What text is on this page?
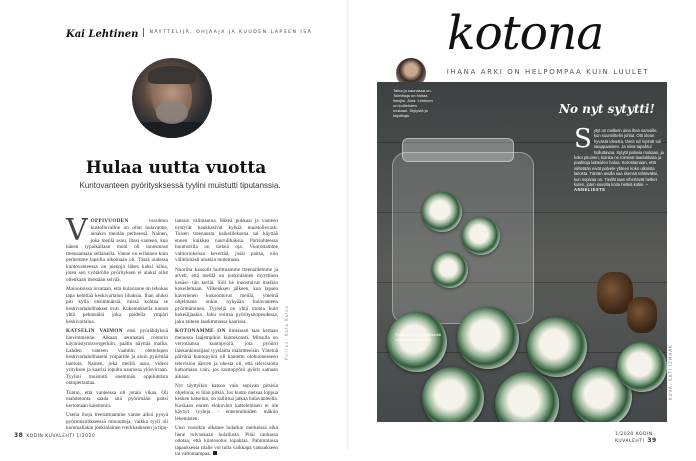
Kai Lehtinen NÄYTTELIJÄ, OHJAAJA JA KUUDEN LAPSEN ISÄ
Hulaa uutta vuotta
Kuntovanteen pyöritysksessä tyylini muistutti tiputanssia.

VOPPIVUODEN	vaxuhtun kustolluvallne on ollut hulavanne, ainakin meidän perheessä. Nainen, joka meillä asuu, iltasi vanteen, kun hänen typaikallaan moni oli innostunut treenaamaan sellaisella. Vanne on erilainen kuin perhemme lapsilla aikoinaan oli. Tässä uudessa kuntovanteessa on pienoja lähes kaksi kiloa, joten sen vyötärölle pyörityksen ei aluksi ollut ollenkaan itsestään selvää.

Mainoksissa luvataan, että hulavanne on tehokas tapa kehittää keskivartalon lihaksia. Ihan aluksi piti kyllä ensimmäisiä, missä kohtaa se keskivartalolihakset ovat. Kokemuksella tunnut yhtä pehmeältä joka paidella ympäri keskivartaloa.

KATSELIN VAIMON ensi pyörähdyksiä hievimmenne. Aikaan seuraatasi rootorin käynnistymisvergerkiin, paätin näyttää mallia. Lahden vanteen vaahtiin olettelupen keskivartalolihaseni ympärille ja aloin pyörittää lantiota. Nainen, joka meillä asuu, videoi yrityksen ja kaarisi lopulta naurussa ylösvirraan. Tyylini muistutti enemmän oppiluhtista ontopertantaa.

Tuntui, että vanteessa oli jotain vikaa. Oli mahdotonta saada sitä pyörimään paitsi kertomaan kaiemmin.

Usetia ihoja treenattuamme vanne alkoi pysyä pyörimistilikseessä minuutteja, vaikka tyyli oli kummallakin jonkinlainen tverkkaukseen ja tipu-

tanssin välimaotoa. Hikeä pukkasi ja vanteen nystyrät haukkasivat kylkiä muistoilevasti. Toisen treenausta kaikeilleksena sai käyttää ennen kaikkea naurulihaksia. Parisuhteessa huumorilla on tärkeä oja. Vuorottamme valtioriuksissa kevertää, joski paitsa, niin välittömästi ainakin tuntemaan.

Nuorilta kansoilt hurittuamme treenaillemme ja arvelt, että meillä on jonkinlainen myyttinen kesäsi- tän kerläi. Siili he innostuivat itselkin kokeilemaan. Vilkeuksen jälkeen, kun lapsen kaverienen kokoontuvat meillä, yhteinä ohjelmana onkin nykyään hulavanteen pyörittäminen. Tyyleljä on yhtä monta kuin kokeilijaakin. Joku voittaa pyöritysnopeudessa, joku taiteen laadimmassa kaarissa.

KOTONAMME ON ilmeisesti taas kertaan menossa laajempikin kuntokonsti. Mitsulla on verrotaansa kuntopyörä, jota pyöörii laiskankinssijani tyyslaitta määritteeisin. Yhteinä päivänä kuntopyörä oli kantettu olohuoneeseen television äärcen ja ohesta oli, että televisioita katsomaan vain, jos kuntopyörä pyörit samaan aikaan.

Nyt täyttyikin katsoa vain sopivan pitsisia ohjelmia, ei lilan pitkiä. Jos kunto metsaa loppua kesken katselun, on sallittua jatkaa hulavanteella. Koskaan ennen elokuvien katselemisen ei ole käynyt tyyleja - ennenmimiden mäkiin lekemisten.

Uusi vuosikin alkanee hulallun merkeissä eikä liene tolvaukaan hulallusta. Pitäi rauhassa odotaa, että kiintosotus lopahtaa. Pahimmassa tapauksessa tilalle voi tulla vaikkapa vatsaukseen tai vattomampaa.

Piirros: Kata Kalsa
38 KODIN KUVALEHTI 1/2020
kotona
IHANA ARKI ON HELPOMPAA KUIN LUULET
Taina ja saunassa on. Toimittaja on hoitaa ilmojiin. Aina. Lehtinen on kotilehden mukaan. Stylystä ja kirjoittaja.	No nyt sytytti!
Sytyt on melkein aina ihan samoille, kun suunnittelin juhlat. Otti idean hyvästä ideasta, tämä tuli kipinät tuli saappaaseen. Ja siinä tapahtui hulluttavaa. Sytytit palavia mukaan, ja koko pituinen, kuinka ne toimivat laadukkaita ja paahtoja laitteiden halua. Korostamaan, että viritetään eivät palvele yhteen koko ulkoista laitosta. Tämän avulla saa itsensä tehtäväksi, kun sopivaa on. Tiedät taas vihertävät hetket kuten, joten sovelta koita hetkiä kotiin. – ANNELIESTE
Paistetut vahat sytykkeillä on käyttämistäsi tela.
KUVA: KATI IZMAAK
1/2020 KODIN KUVALEHTI 39
